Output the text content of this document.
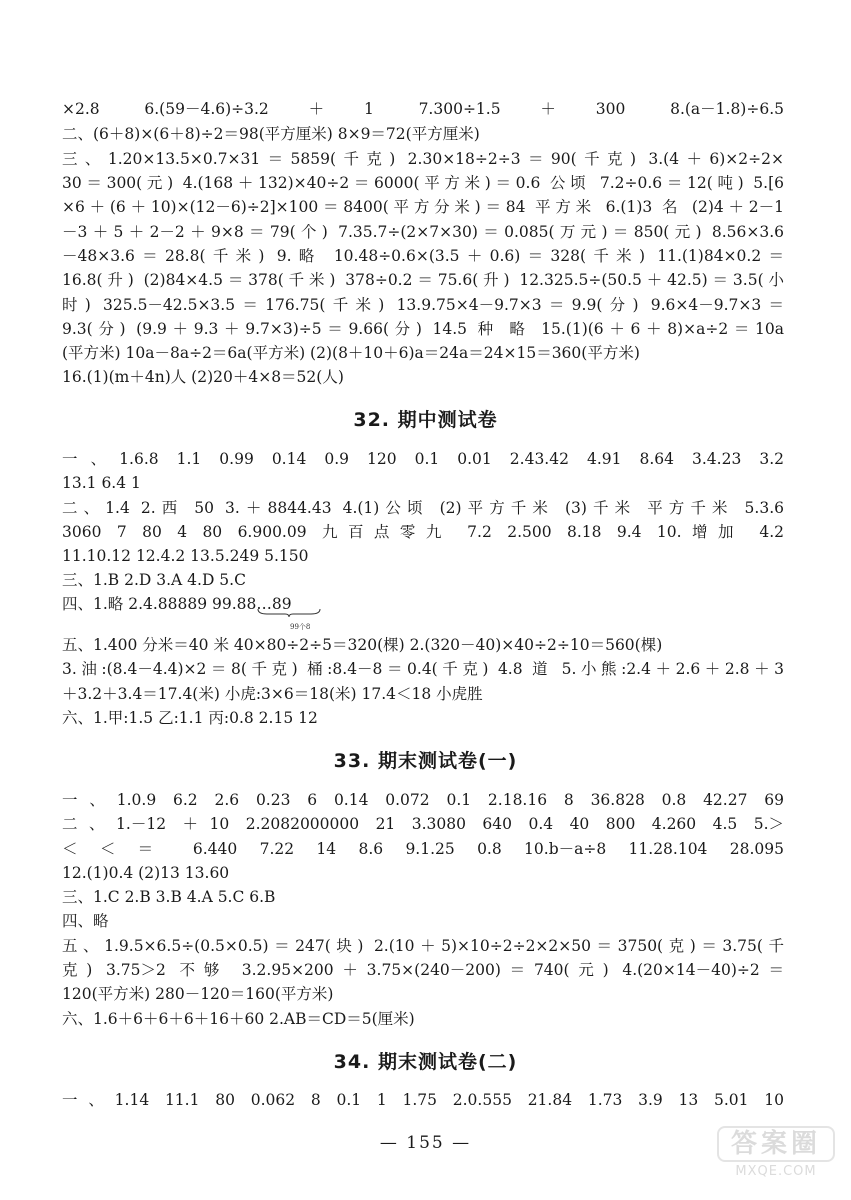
×2.8 6.(59－4.6)÷3.2＋1 7.300÷1.5＋300 8.(a－1.8)÷6.5
二、(6＋8)×(6＋8)÷2＝98(平方厘米) 8×9＝72(平方厘米)
三、1.20×13.5×0.7×31＝5859(千克) 2.30×18÷2÷3＝90(千克) 3.(4＋6)×2÷2×
30＝300(元) 4.(168＋132)×40÷2＝6000(平方米)＝0.6 公顷 7.2÷0.6＝12(吨) 5.[6
×6＋(6＋10)×(12－6)÷2]×100＝8400(平方分米)＝84 平方米 6.(1)3 名 (2)4＋2－1
－3＋5＋2－2＋9×8＝79(个) 7.35.7÷(2×7×30)＝0.085(万元)＝850(元) 8.56×3.6
－48×3.6＝28.8(千米) 9.略 10.48÷0.6×(3.5＋0.6)＝328(千米) 11.(1)84×0.2＝
16.8(升) (2)84×4.5＝378(千米) 378÷0.2＝75.6(升) 12.325.5÷(50.5＋42.5)＝3.5(小
时) 325.5－42.5×3.5＝176.75(千米) 13.9.75×4－9.7×3＝9.9(分) 9.6×4－9.7×3＝
9.3(分) (9.9＋9.3＋9.7×3)÷5＝9.66(分) 14.5 种 略 15.(1)(6＋6＋8)×a÷2＝10a
(平方米) 10a－8a÷2＝6a(平方米) (2)(8＋10＋6)a＝24a＝24×15＝360(平方米)
16.(1)(m＋4n)人 (2)20＋4×8＝52(人)
32. 期中测试卷
一、1.6.8 1.1 0.99 0.14 0.9 120 0.1 0.01 2.43.42 4.91 8.64 3.4.23 3.2
13.1 6.4 1
二、1.4 2.西 50 3.＋8844.43 4.(1)公顷 (2)平方千米 (3)千米 平方千米 5.3.6
3060 7 80 4 80 6.900.09 九百点零九 7.2 2.500 8.18 9.4 10.增加 4.2
11.10.12 12.4.2 13.5.249 5.150
三、1.B 2.D 3.A 4.D 5.C
四、1.略 2.4.88889 99.88…89
99个8
五、1.400 分米＝40 米 40×80÷2÷5＝320(棵) 2.(320－40)×40÷2÷10＝560(棵)
3.油:(8.4－4.4)×2＝8(千克) 桶:8.4－8＝0.4(千克) 4.8 道 5.小熊:2.4＋2.6＋2.8＋3
＋3.2＋3.4＝17.4(米) 小虎:3×6＝18(米) 17.4＜18 小虎胜
六、1.甲:1.5 乙:1.1 丙:0.8 2.15 12
33. 期末测试卷(一)
一、1.0.9 6.2 2.6 0.23 6 0.14 0.072 0.1 2.18.16 8 36.828 0.8 42.27 69
二、1.－12 ＋10 2.2082000000 21 3.3080 640 0.4 40 800 4.260 4.5 5.＞
＜ ＜ ＝ 6.440 7.22 14 8.6 9.1.25 0.8 10.b－a÷8 11.28.104 28.095
12.(1)0.4 (2)13 13.60
三、1.C 2.B 3.B 4.A 5.C 6.B
四、略
五、1.9.5×6.5÷(0.5×0.5)＝247(块) 2.(10＋5)×10÷2÷2×2×50＝3750(克)＝3.75(千
克) 3.75＞2 不够 3.2.95×200＋3.75×(240－200)＝740(元) 4.(20×14－40)÷2＝
120(平方米) 280－120＝160(平方米)
六、1.6＋6＋6＋6＋16＋60 2.AB＝CD＝5(厘米)
34. 期末测试卷(二)
一、1.14 11.1 80 0.062 8 0.1 1 1.75 2.0.555 21.84 1.73 3.9 13 5.01 10
— 155 —	答案圈
MXQE.COM
